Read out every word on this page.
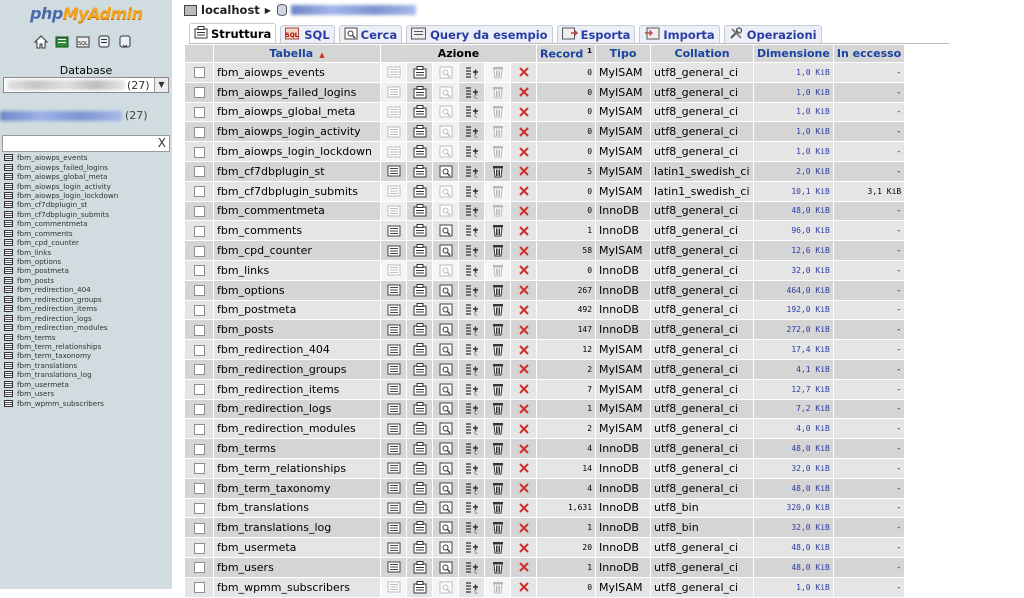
phpMyAdmin
SQL
Database
(27)	▼
(27)
X
fbm_aiowps_events
fbm_aiowps_failed_logins
fbm_aiowps_global_meta
fbm_aiowps_login_activity
fbm_aiowps_login_lockdown
fbm_cf7dbplugin_st
fbm_cf7dbplugin_submits
fbm_commentmeta
fbm_comments
fbm_cpd_counter
fbm_links
fbm_options
fbm_postmeta
fbm_posts
fbm_redirection_404
fbm_redirection_groups
fbm_redirection_items
fbm_redirection_logs
fbm_redirection_modules
fbm_terms
fbm_term_relationships
fbm_term_taxonomy
fbm_translations
fbm_translations_log
fbm_usermeta
fbm_users
fbm_wpmm_subscribers
localhost ▶
Struttura SQL SQL	Cerca	Query da esempio	Esporta	Importa	Operazioni
	Tabella ▲	Azione						Record $^1$	Tipo	Collation	Dimensione	In eccesso
	fbm_aiowps_events				C			0	MyISAM	utf8_general_ci	1,0 KiB	-
	fbm_aiowps_failed_logins				C			0	MyISAM	utf8_general_ci	1,0 KiB	-
	fbm_aiowps_global_meta				C			0	MyISAM	utf8_general_ci	1,0 KiB	-
	fbm_aiowps_login_activity				C			0	MyISAM	utf8_general_ci	1,0 KiB	-
	fbm_aiowps_login_lockdown				C			0	MyISAM	utf8_general_ci	1,0 KiB	-
	fbm_cf7dbplugin_st				C			5	MyISAM	latin1_swedish_ci	2,0 KiB	-
	fbm_cf7dbplugin_submits				C			0	MyISAM	latin1_swedish_ci	10,1 KiB	3,1 KiB
	fbm_commentmeta				C			0	InnoDB	utf8_general_ci	48,0 KiB	-
	fbm_comments				C			1	InnoDB	utf8_general_ci	96,0 KiB	-
	fbm_cpd_counter				C			58	MyISAM	utf8_general_ci	12,6 KiB	-
	fbm_links				C			0	InnoDB	utf8_general_ci	32,0 KiB	-
	fbm_options				C			267	InnoDB	utf8_general_ci	464,0 KiB	-
	fbm_postmeta				C			492	InnoDB	utf8_general_ci	192,0 KiB	-
	fbm_posts				C			147	InnoDB	utf8_general_ci	272,0 KiB	-
	fbm_redirection_404				C			12	MyISAM	utf8_general_ci	17,4 KiB	-
	fbm_redirection_groups				C			2	MyISAM	utf8_general_ci	4,1 KiB	-
	fbm_redirection_items				C			7	MyISAM	utf8_general_ci	12,7 KiB	-
	fbm_redirection_logs				C			1	MyISAM	utf8_general_ci	7,2 KiB	-
	fbm_redirection_modules				C			2	MyISAM	utf8_general_ci	4,0 KiB	-
	fbm_terms				C			4	InnoDB	utf8_general_ci	48,0 KiB	-
	fbm_term_relationships				C			14	InnoDB	utf8_general_ci	32,0 KiB	-
	fbm_term_taxonomy				C			4	InnoDB	utf8_general_ci	48,0 KiB	-
	fbm_translations				C			1,631	InnoDB	utf8_bin	320,0 KiB	-
	fbm_translations_log				C			1	InnoDB	utf8_bin	32,0 KiB	-
	fbm_usermeta				C			20	InnoDB	utf8_general_ci	48,0 KiB	-
	fbm_users				C			1	InnoDB	utf8_general_ci	48,0 KiB	-
	fbm_wpmm_subscribers				C			0	MyISAM	utf8_general_ci	1,0 KiB	-
